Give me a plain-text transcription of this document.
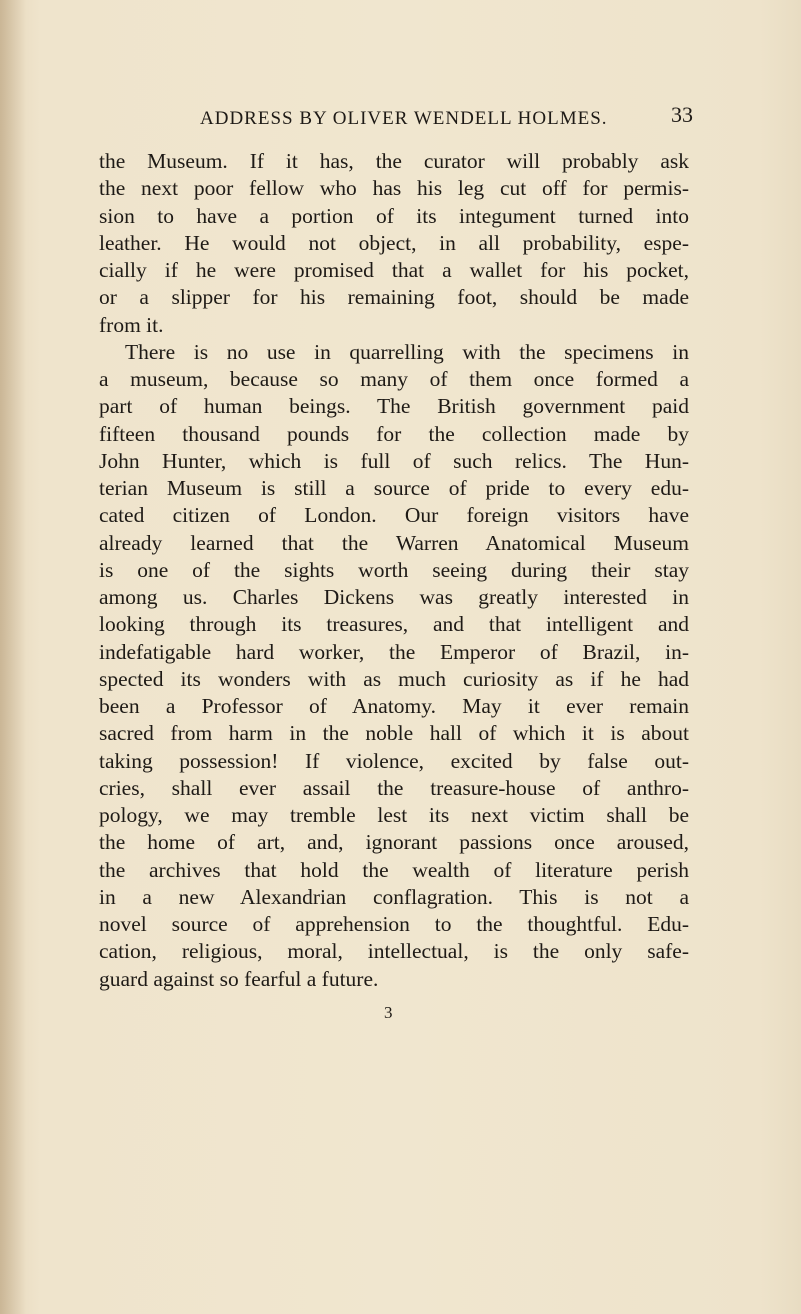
ADDRESS BY OLIVER WENDELL HOLMES.	33
the Museum. If it has, the curator will probably ask
the next poor fellow who has his leg cut off for permis-
sion to have a portion of its integument turned into
leather. He would not object, in all probability, espe-
cially if he were promised that a wallet for his pocket,
or a slipper for his remaining foot, should be made
from it.
There is no use in quarrelling with the specimens in
a museum, because so many of them once formed a
part of human beings. The British government paid
fifteen thousand pounds for the collection made by
John Hunter, which is full of such relics. The Hun-
terian Museum is still a source of pride to every edu-
cated citizen of London. Our foreign visitors have
already learned that the Warren Anatomical Museum
is one of the sights worth seeing during their stay
among us. Charles Dickens was greatly interested in
looking through its treasures, and that intelligent and
indefatigable hard worker, the Emperor of Brazil, in-
spected its wonders with as much curiosity as if he had
been a Professor of Anatomy. May it ever remain
sacred from harm in the noble hall of which it is about
taking possession! If violence, excited by false out-
cries, shall ever assail the treasure-house of anthro-
pology, we may tremble lest its next victim shall be
the home of art, and, ignorant passions once aroused,
the archives that hold the wealth of literature perish
in a new Alexandrian conflagration. This is not a
novel source of apprehension to the thoughtful. Edu-
cation, religious, moral, intellectual, is the only safe-
guard against so fearful a future.
3
